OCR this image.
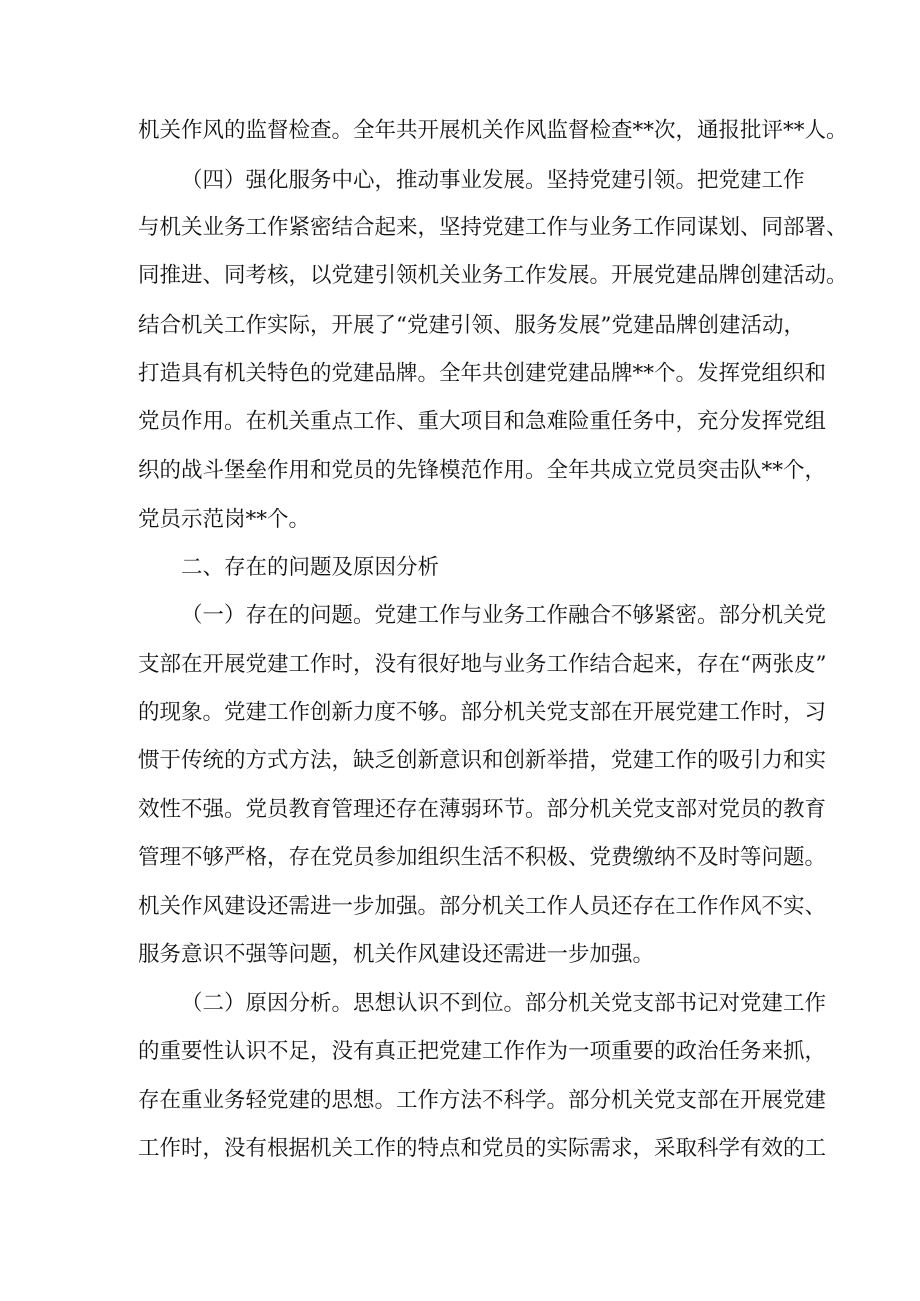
机关作风的监督检查。全年共开展机关作风监督检查**次，通报批评**人。
（四）强化服务中心，推动事业发展。坚持党建引领。把党建工作
与机关业务工作紧密结合起来，坚持党建工作与业务工作同谋划、同部署、
同推进、同考核，以党建引领机关业务工作发展。开展党建品牌创建活动。
结合机关工作实际，开展了“党建引领、服务发展”党建品牌创建活动，
打造具有机关特色的党建品牌。全年共创建党建品牌**个。发挥党组织和
党员作用。在机关重点工作、重大项目和急难险重任务中，充分发挥党组
织的战斗堡垒作用和党员的先锋模范作用。全年共成立党员突击队**个，
党员示范岗**个。
二、存在的问题及原因分析
（一）存在的问题。党建工作与业务工作融合不够紧密。部分机关党
支部在开展党建工作时，没有很好地与业务工作结合起来，存在“两张皮”
的现象。党建工作创新力度不够。部分机关党支部在开展党建工作时，习
惯于传统的方式方法，缺乏创新意识和创新举措，党建工作的吸引力和实
效性不强。党员教育管理还存在薄弱环节。部分机关党支部对党员的教育
管理不够严格，存在党员参加组织生活不积极、党费缴纳不及时等问题。
机关作风建设还需进一步加强。部分机关工作人员还存在工作作风不实、
服务意识不强等问题，机关作风建设还需进一步加强。
（二）原因分析。思想认识不到位。部分机关党支部书记对党建工作
的重要性认识不足，没有真正把党建工作作为一项重要的政治任务来抓，
存在重业务轻党建的思想。工作方法不科学。部分机关党支部在开展党建
工作时，没有根据机关工作的特点和党员的实际需求，采取科学有效的工
